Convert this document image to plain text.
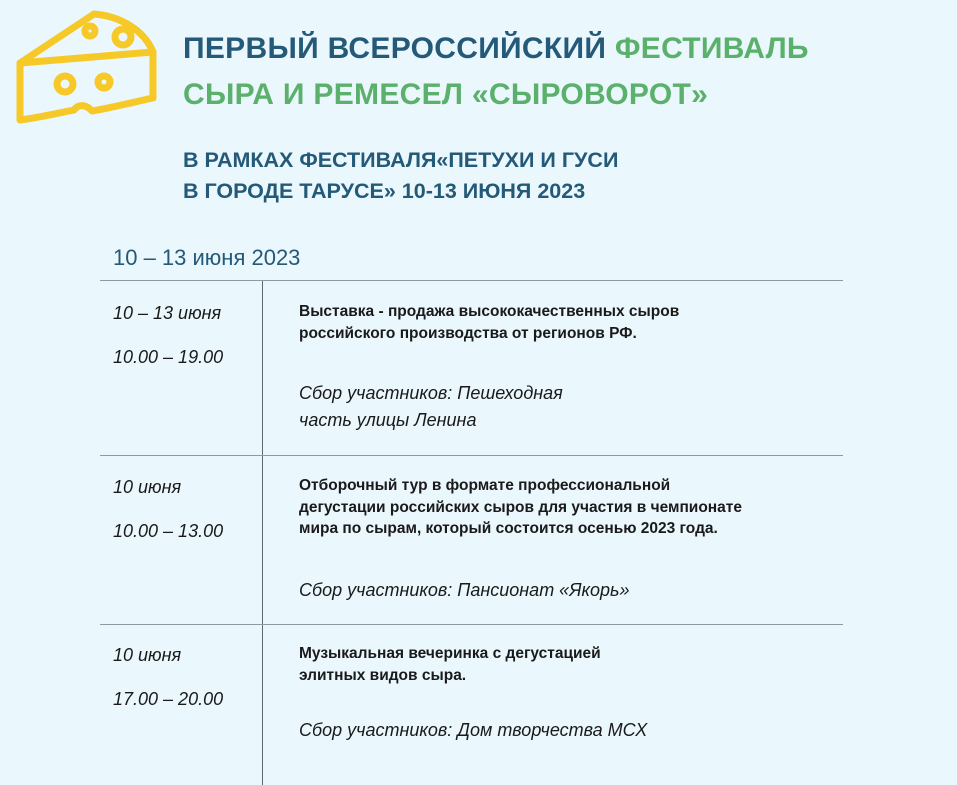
ПЕРВЫЙ ВСЕРОССИЙСКИЙ ФЕСТИВАЛЬ
СЫРА И РЕМЕСЕЛ «СЫРОВОРОТ»
В РАМКАХ ФЕСТИВАЛЯ«ПЕТУХИ И ГУСИ
В ГОРОДЕ ТАРУСЕ» 10-13 ИЮНЯ 2023
10 – 13 июня 2023
10 – 13 июня
10.00 – 19.00
Выставка - продажа высококачественных сыров
российского производства от регионов РФ.
Сбор участников: Пешеходная
часть улицы Ленина
10 июня
10.00 – 13.00
Отборочный тур в формате профессиональной
дегустации российских сыров для участия в чемпионате
мира по сырам, который состоится осенью 2023 года.
Сбор участников: Пансионат «Якорь»
10 июня
17.00 – 20.00
Музыкальная вечеринка с дегустацией
элитных видов сыра.
Сбор участников: Дом творчества МСХ
